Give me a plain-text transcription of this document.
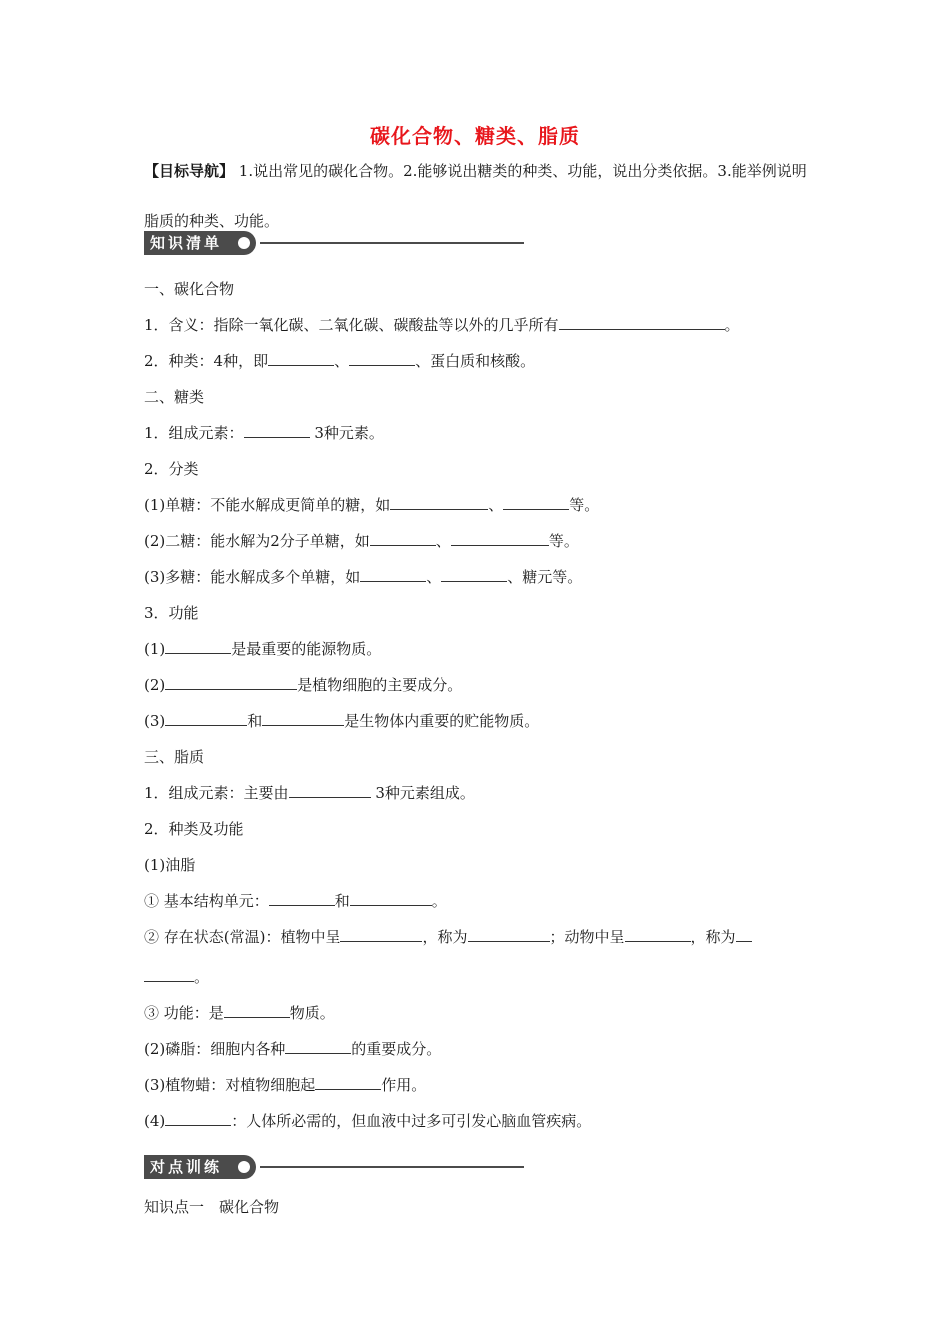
碳化合物、糖类、脂质

【目标导航】 1.说出常见的碳化合物。2.能够说出糖类的种类、功能，说出分类依据。3.能举例说明脂质的种类、功能。

知识清单

一、碳化合物

1．含义：指除一氧化碳、二氧化碳、碳酸盐等以外的几乎所有	。

2．种类：4种，即	、	、蛋白质和核酸。

二、糖类

1．组成元素：	3种元素。

2．分类

(1)单糖：不能水解成更简单的糖，如	、	等。

(2)二糖：能水解为2分子单糖，如	、	等。

(3)多糖：能水解成多个单糖，如	、	、糖元等。

3．功能

(1)	是最重要的能源物质。

(2)	是植物细胞的主要成分。

(3)	和	是生物体内重要的贮能物质。

三、脂质

1．组成元素：主要由	3种元素组成。

2．种类及功能

(1)油脂

① 基本结构单元：	和	。

② 存在状态(常温)：植物中呈	，称为	；动物中呈	，称为

。

③ 功能：是	物质。

(2)磷脂：细胞内各种	的重要成分。

(3)植物蜡：对植物细胞起	作用。

(4)	：人体所必需的，但血液中过多可引发心脑血管疾病。

对点训练

知识点一　碳化合物
